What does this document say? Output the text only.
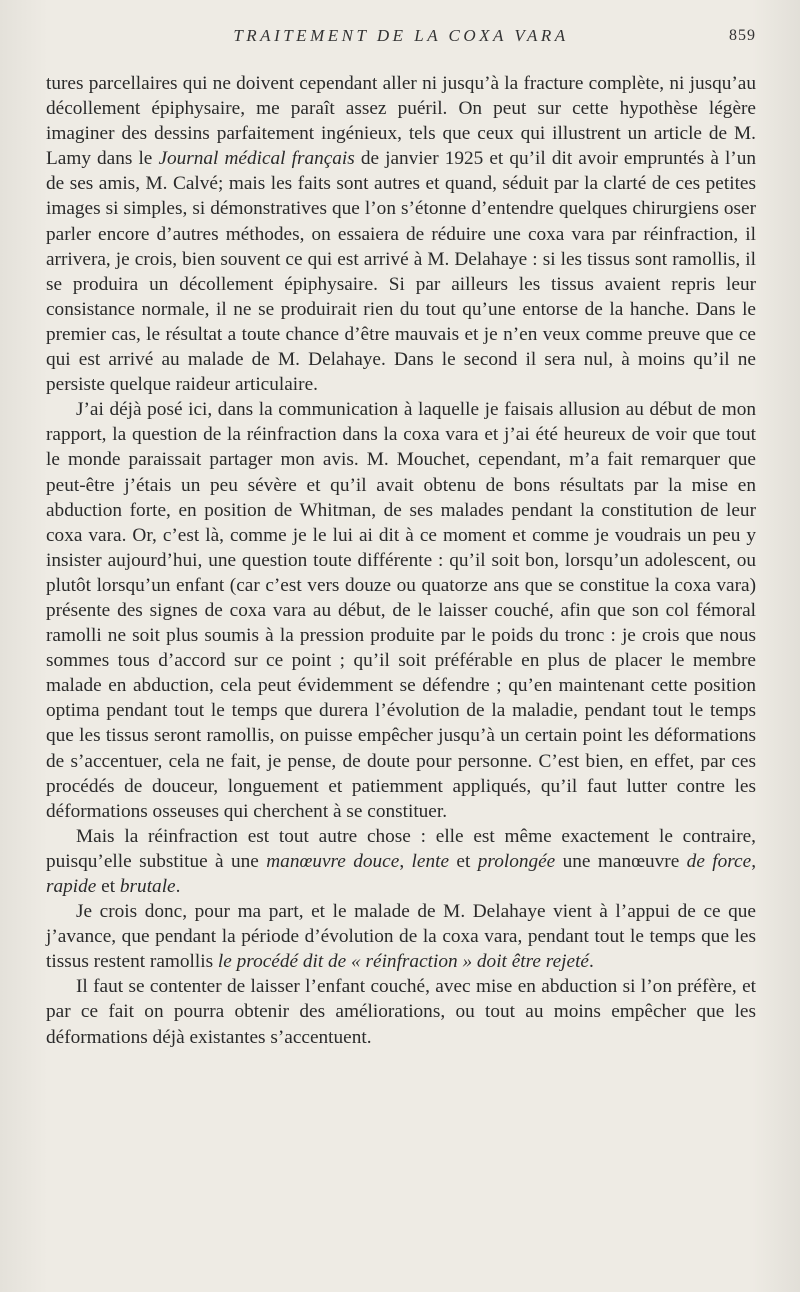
TRAITEMENT DE LA COXA VARA	859

tures parcellaires qui ne doivent cependant aller ni jusqu’à la fracture complète, ni jusqu’au décollement épiphysaire, me paraît assez puéril. On peut sur cette hypothèse légère imaginer des dessins parfaitement ingénieux, tels que ceux qui illustrent un article de M. Lamy dans le Journal médical français de janvier 1925 et qu’il dit avoir empruntés à l’un de ses amis, M. Calvé; mais les faits sont autres et quand, séduit par la clarté de ces petites images si simples, si démonstratives que l’on s’étonne d’entendre quelques chirurgiens oser parler encore d’autres méthodes, on essaiera de réduire une coxa vara par réinfraction, il arrivera, je crois, bien souvent ce qui est arrivé à M. Delahaye : si les tissus sont ramollis, il se produira un décollement épiphysaire. Si par ailleurs les tissus avaient repris leur consistance normale, il ne se produirait rien du tout qu’une entorse de la hanche. Dans le premier cas, le résultat a toute chance d’être mauvais et je n’en veux comme preuve que ce qui est arrivé au malade de M. Delahaye. Dans le second il sera nul, à moins qu’il ne persiste quelque raideur articulaire.

J’ai déjà posé ici, dans la communication à laquelle je faisais allusion au début de mon rapport, la question de la réinfraction dans la coxa vara et j’ai été heureux de voir que tout le monde paraissait partager mon avis. M. Mouchet, cependant, m’a fait remarquer que peut-être j’étais un peu sévère et qu’il avait obtenu de bons résultats par la mise en abduction forte, en position de Whitman, de ses malades pendant la constitution de leur coxa vara. Or, c’est là, comme je le lui ai dit à ce moment et comme je voudrais un peu y insister aujourd’hui, une question toute différente : qu’il soit bon, lorsqu’un adolescent, ou plutôt lorsqu’un enfant (car c’est vers douze ou quatorze ans que se constitue la coxa vara) présente des signes de coxa vara au début, de le laisser couché, afin que son col fémoral ramolli ne soit plus soumis à la pression produite par le poids du tronc : je crois que nous sommes tous d’accord sur ce point ; qu’il soit préférable en plus de placer le membre malade en abduction, cela peut évidemment se défendre ; qu’en maintenant cette position optima pendant tout le temps que durera l’évolution de la maladie, pendant tout le temps que les tissus seront ramollis, on puisse empêcher jusqu’à un certain point les déformations de s’accentuer, cela ne fait, je pense, de doute pour personne. C’est bien, en effet, par ces procédés de douceur, longuement et patiemment appliqués, qu’il faut lutter contre les déformations osseuses qui cherchent à se constituer.

Mais la réinfraction est tout autre chose : elle est même exactement le contraire, puisqu’elle substitue à une manœuvre douce, lente et prolongée une manœuvre de force, rapide et brutale.

Je crois donc, pour ma part, et le malade de M. Delahaye vient à l’appui de ce que j’avance, que pendant la période d’évolution de la coxa vara, pendant tout le temps que les tissus restent ramollis le procédé dit de « réinfraction » doit être rejeté.

Il faut se contenter de laisser l’enfant couché, avec mise en abduction si l’on préfère, et par ce fait on pourra obtenir des améliorations, ou tout au moins empêcher que les déformations déjà existantes s’accentuent.
